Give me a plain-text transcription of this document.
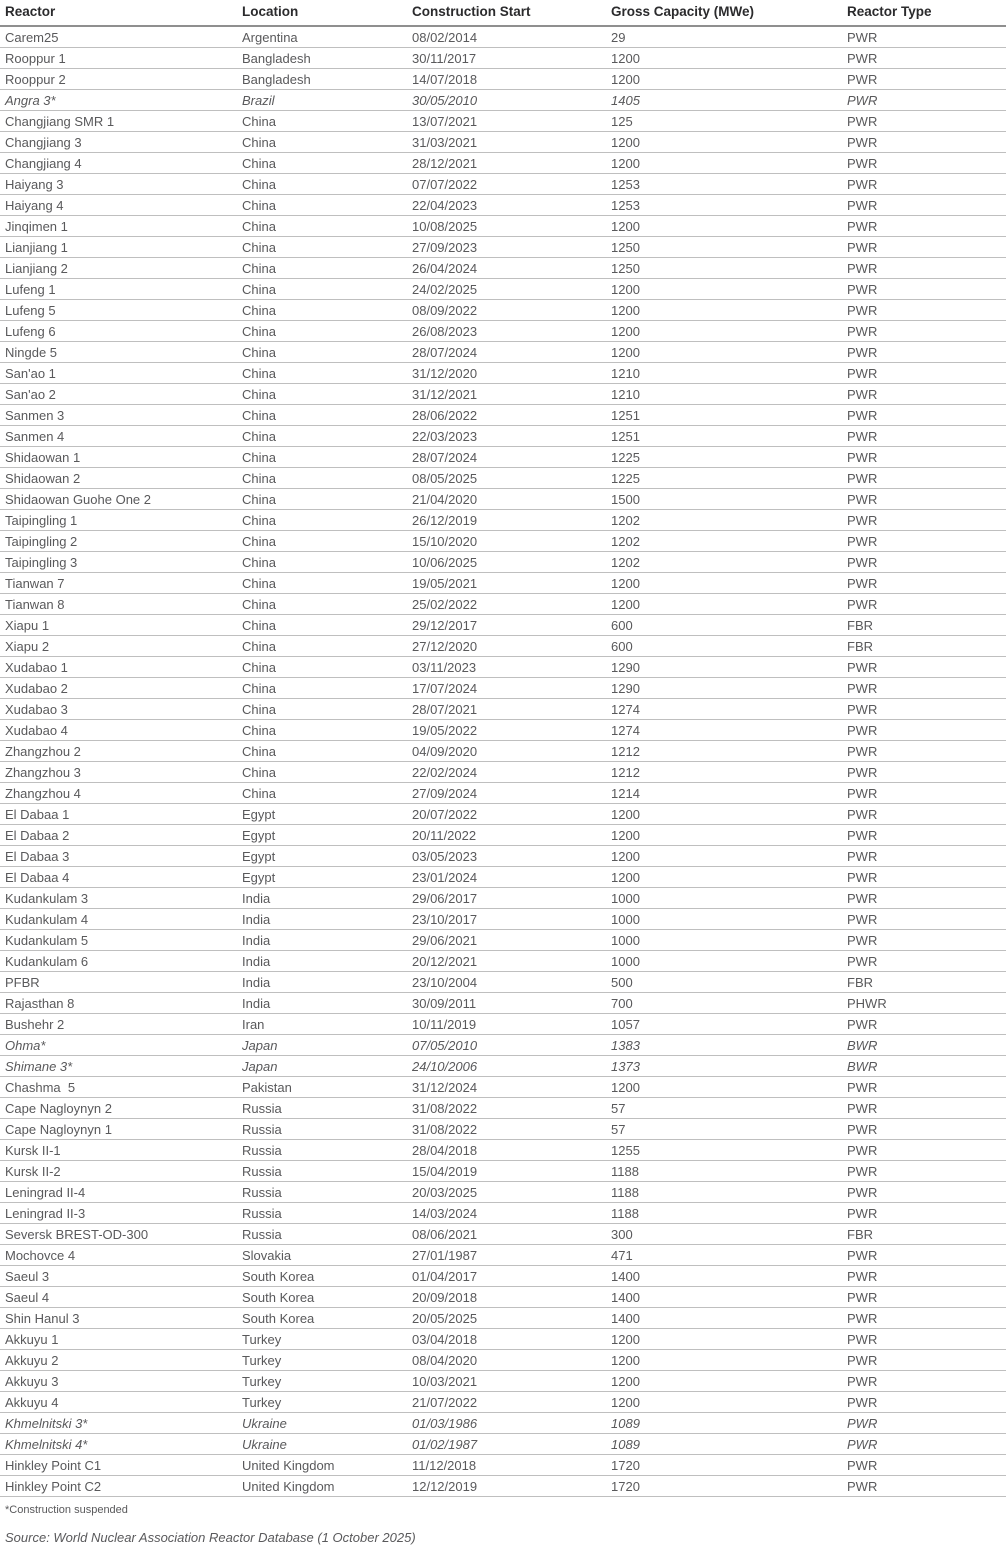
Reactor	Location	Construction Start	Gross Capacity (MWe)	Reactor Type
Carem25	Argentina	08/02/2014	29	PWR
Rooppur 1	Bangladesh	30/11/2017	1200	PWR
Rooppur 2	Bangladesh	14/07/2018	1200	PWR
Angra 3*	Brazil	30/05/2010	1405	PWR
Changjiang SMR 1	China	13/07/2021	125	PWR
Changjiang 3	China	31/03/2021	1200	PWR
Changjiang 4	China	28/12/2021	1200	PWR
Haiyang 3	China	07/07/2022	1253	PWR
Haiyang 4	China	22/04/2023	1253	PWR
Jinqimen 1	China	10/08/2025	1200	PWR
Lianjiang 1	China	27/09/2023	1250	PWR
Lianjiang 2	China	26/04/2024	1250	PWR
Lufeng 1	China	24/02/2025	1200	PWR
Lufeng 5	China	08/09/2022	1200	PWR
Lufeng 6	China	26/08/2023	1200	PWR
Ningde 5	China	28/07/2024	1200	PWR
San'ao 1	China	31/12/2020	1210	PWR
San'ao 2	China	31/12/2021	1210	PWR
Sanmen 3	China	28/06/2022	1251	PWR
Sanmen 4	China	22/03/2023	1251	PWR
Shidaowan 1	China	28/07/2024	1225	PWR
Shidaowan 2	China	08/05/2025	1225	PWR
Shidaowan Guohe One 2	China	21/04/2020	1500	PWR
Taipingling 1	China	26/12/2019	1202	PWR
Taipingling 2	China	15/10/2020	1202	PWR
Taipingling 3	China	10/06/2025	1202	PWR
Tianwan 7	China	19/05/2021	1200	PWR
Tianwan 8	China	25/02/2022	1200	PWR
Xiapu 1	China	29/12/2017	600	FBR
Xiapu 2	China	27/12/2020	600	FBR
Xudabao 1	China	03/11/2023	1290	PWR
Xudabao 2	China	17/07/2024	1290	PWR
Xudabao 3	China	28/07/2021	1274	PWR
Xudabao 4	China	19/05/2022	1274	PWR
Zhangzhou 2	China	04/09/2020	1212	PWR
Zhangzhou 3	China	22/02/2024	1212	PWR
Zhangzhou 4	China	27/09/2024	1214	PWR
El Dabaa 1	Egypt	20/07/2022	1200	PWR
El Dabaa 2	Egypt	20/11/2022	1200	PWR
El Dabaa 3	Egypt	03/05/2023	1200	PWR
El Dabaa 4	Egypt	23/01/2024	1200	PWR
Kudankulam 3	India	29/06/2017	1000	PWR
Kudankulam 4	India	23/10/2017	1000	PWR
Kudankulam 5	India	29/06/2021	1000	PWR
Kudankulam 6	India	20/12/2021	1000	PWR
PFBR	India	23/10/2004	500	FBR
Rajasthan 8	India	30/09/2011	700	PHWR
Bushehr 2	Iran	10/11/2019	1057	PWR
Ohma*	Japan	07/05/2010	1383	BWR
Shimane 3*	Japan	24/10/2006	1373	BWR
Chashma  5	Pakistan	31/12/2024	1200	PWR
Cape Nagloynyn 2	Russia	31/08/2022	57	PWR
Cape Nagloynyn 1	Russia	31/08/2022	57	PWR
Kursk II-1	Russia	28/04/2018	1255	PWR
Kursk II-2	Russia	15/04/2019	1188	PWR
Leningrad II-4	Russia	20/03/2025	1188	PWR
Leningrad II-3	Russia	14/03/2024	1188	PWR
Seversk BREST-OD-300	Russia	08/06/2021	300	FBR
Mochovce 4	Slovakia	27/01/1987	471	PWR
Saeul 3	South Korea	01/04/2017	1400	PWR
Saeul 4	South Korea	20/09/2018	1400	PWR
Shin Hanul 3	South Korea	20/05/2025	1400	PWR
Akkuyu 1	Turkey	03/04/2018	1200	PWR
Akkuyu 2	Turkey	08/04/2020	1200	PWR
Akkuyu 3	Turkey	10/03/2021	1200	PWR
Akkuyu 4	Turkey	21/07/2022	1200	PWR
Khmelnitski 3*	Ukraine	01/03/1986	1089	PWR
Khmelnitski 4*	Ukraine	01/02/1987	1089	PWR
Hinkley Point C1	United Kingdom	11/12/2018	1720	PWR
Hinkley Point C2	United Kingdom	12/12/2019	1720	PWR
*Construction suspended
Source: World Nuclear Association Reactor Database (1 October 2025)
